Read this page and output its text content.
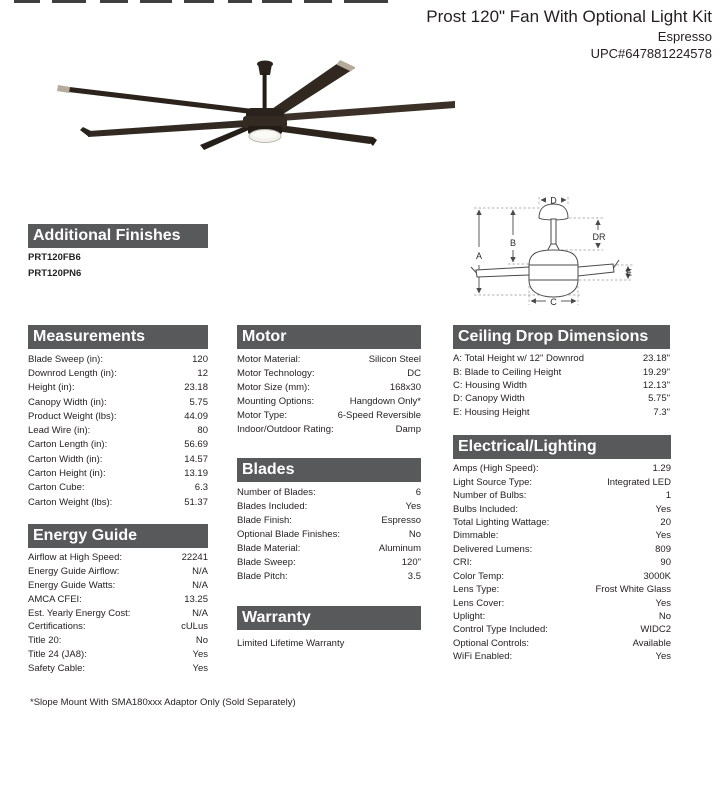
Prost 120" Fan With Optional Light Kit
Espresso
UPC#647881224578
D
A
B
DR
E
C
Additional Finishes
PRT120FB6
PRT120PN6
Measurements
Blade Sweep (in):	120
Downrod Length (in):	12
Height (in):	23.18
Canopy Width (in):	5.75
Product Weight (lbs):	44.09
Lead Wire (in):	80
Carton Length (in):	56.69
Carton Width (in):	14.57
Carton Height (in):	13.19
Carton Cube:	6.3
Carton Weight (lbs):	51.37
Energy Guide
Airflow at High Speed:	22241
Energy Guide Airflow:	N/A
Energy Guide Watts:	N/A
AMCA CFEI:	13.25
Est. Yearly Energy Cost:	N/A
Certifications:	cULus
Title 20:	No
Title 24 (JA8):	Yes
Safety Cable:	Yes
Motor
Motor Material:	Silicon Steel
Motor Technology:	DC
Motor Size (mm):	168x30
Mounting Options:	Hangdown Only*
Motor Type:	6-Speed Reversible
Indoor/Outdoor Rating:	Damp
Blades
Number of Blades:	6
Blades Included:	Yes
Blade Finish:	Espresso
Optional Blade Finishes:	No
Blade Material:	Aluminum
Blade Sweep:	120"
Blade Pitch:	3.5
Warranty
Limited Lifetime Warranty
Ceiling Drop Dimensions
A: Total Height w/ 12" Downrod	23.18"
B: Blade to Ceiling Height	19.29"
C: Housing Width	12.13"
D: Canopy Width	5.75"
E: Housing Height	7.3"
Electrical/Lighting
Amps (High Speed):	1.29
Light Source Type:	Integrated LED
Number of Bulbs:	1
Bulbs Included:	Yes
Total Lighting Wattage:	20
Dimmable:	Yes
Delivered Lumens:	809
CRI:	90
Color Temp:	3000K
Lens Type:	Frost White Glass
Lens Cover:	Yes
Uplight:	No
Control Type Included:	WIDC2
Optional Controls:	Available
WiFi Enabled:	Yes
*Slope Mount With SMA180xxx Adaptor Only (Sold Separately)
